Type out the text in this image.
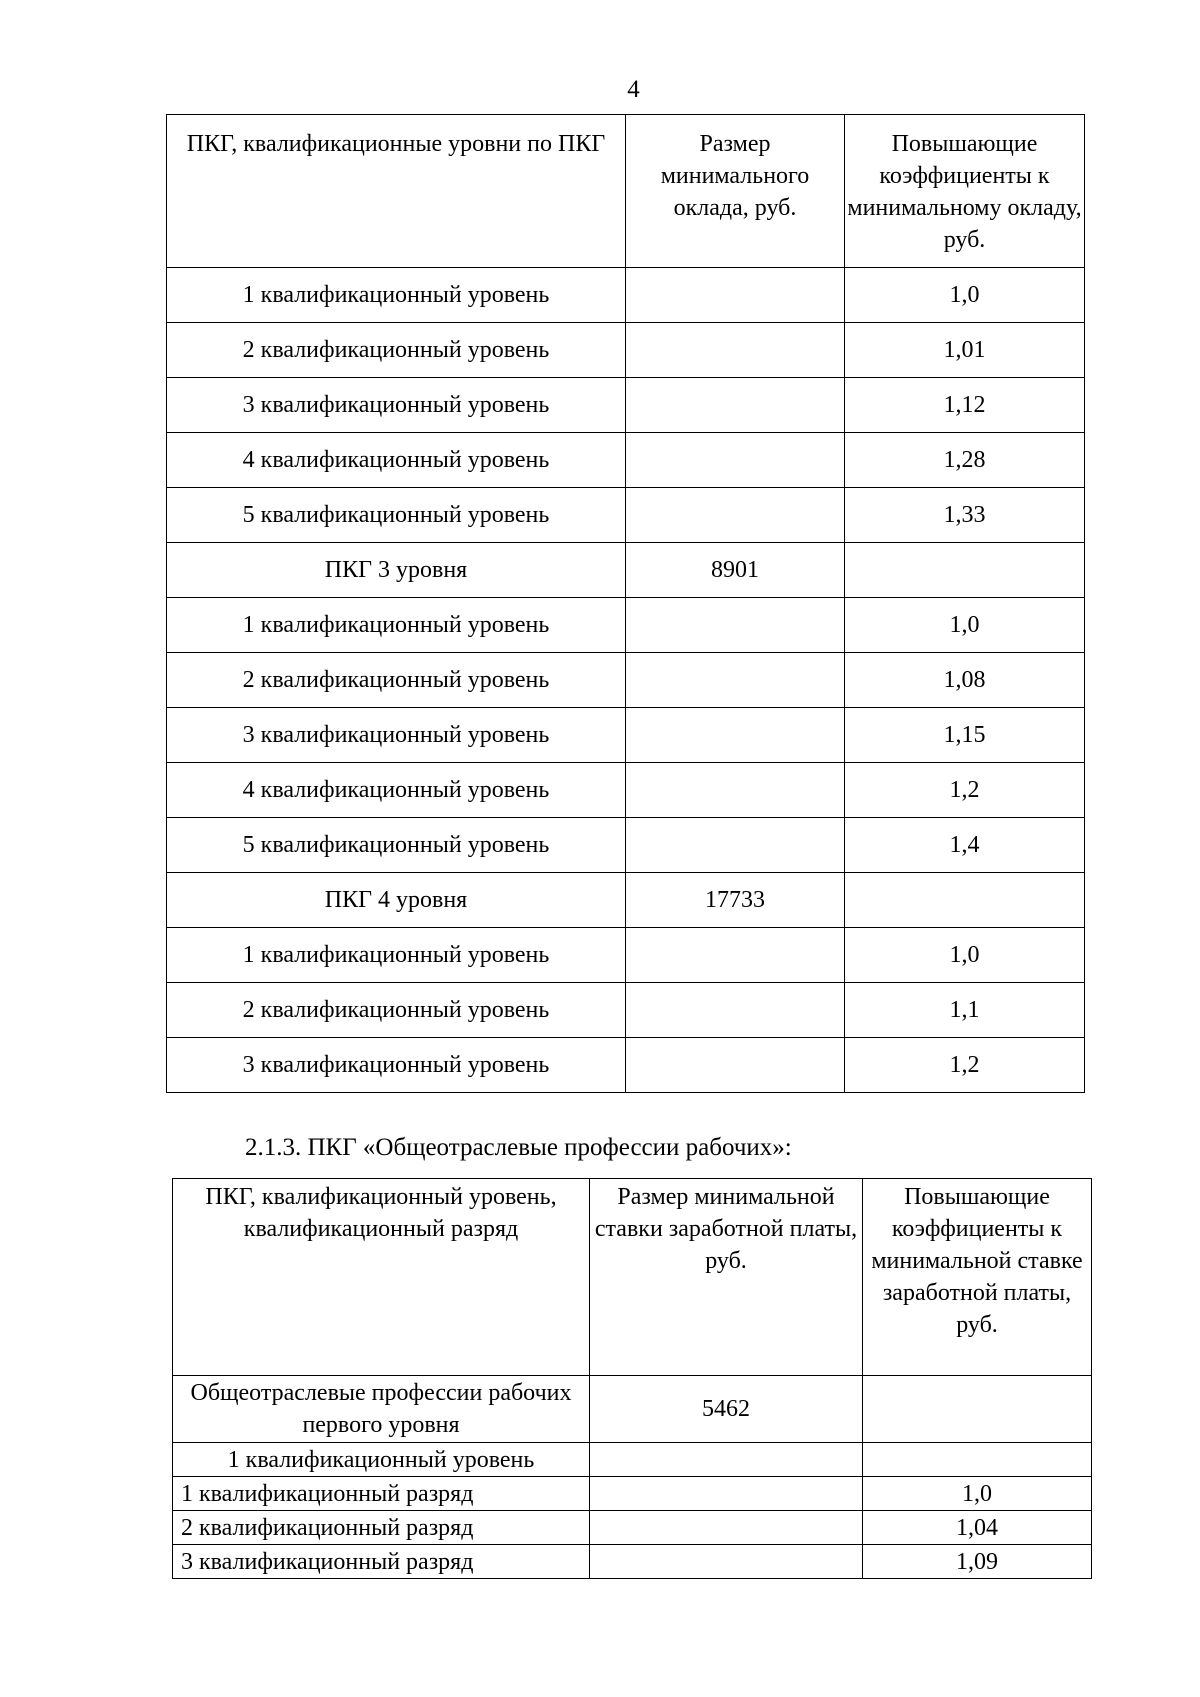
4
ПКГ, квалификационные уровни по ПКГ	Размер минимального оклада, руб.	Повышающие коэффициенты к минимальному окладу, руб.
1 квалификационный уровень		1,0
2 квалификационный уровень		1,01
3 квалификационный уровень		1,12
4 квалификационный уровень		1,28
5 квалификационный уровень		1,33
ПКГ 3 уровня	8901	
1 квалификационный уровень		1,0
2 квалификационный уровень		1,08
3 квалификационный уровень		1,15
4 квалификационный уровень		1,2
5 квалификационный уровень		1,4
ПКГ 4 уровня	17733	
1 квалификационный уровень		1,0
2 квалификационный уровень		1,1
3 квалификационный уровень		1,2
2.1.3. ПКГ «Общеотраслевые профессии рабочих»:
ПКГ, квалификационный уровень, квалификационный разряд	Размер минимальной ставки заработной платы, руб.	Повышающие коэффициенты к минимальной ставке заработной платы, руб.
Общеотраслевые профессии рабочих первого уровня	5462	
1 квалификационный уровень		
1 квалификационный разряд		1,0
2 квалификационный разряд		1,04
3 квалификационный разряд		1,09
